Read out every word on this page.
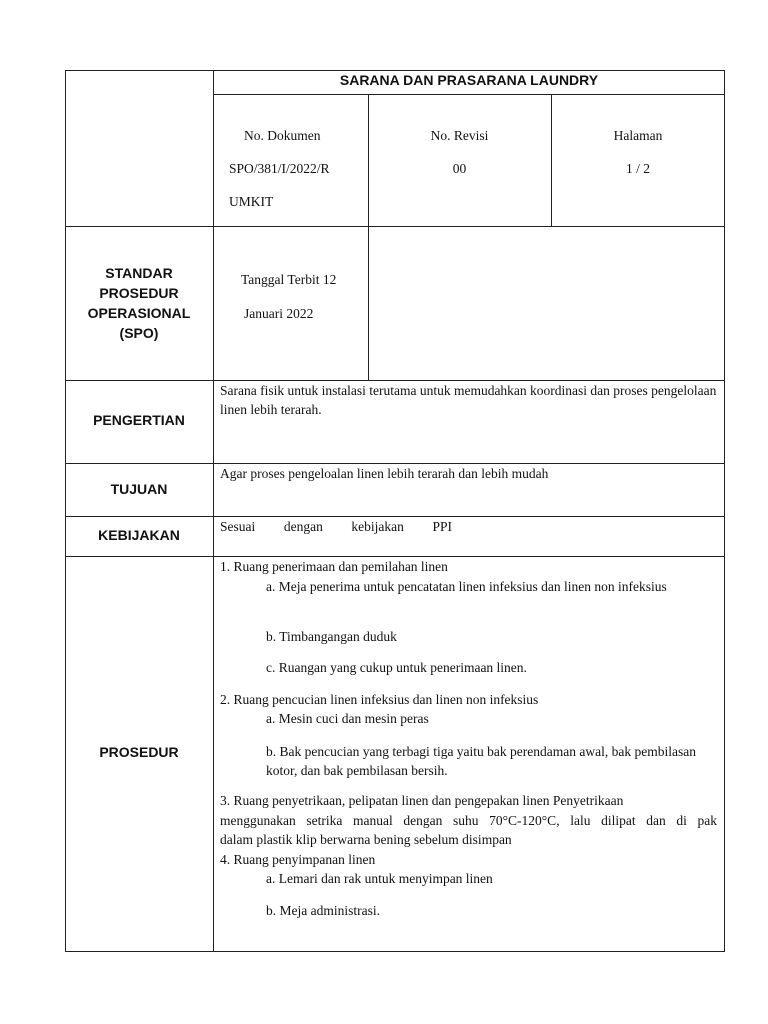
SARANA DAN PRASARANA LAUNDRY
No. Dokumen
SPO/381/I/2022/R
UMKIT
No. Revisi
00
Halaman
1 / 2
STANDAR
PROSEDUR
OPERASIONAL
(SPO)
Tanggal Terbit 12
Januari 2022
PENGERTIAN
Sarana fisik untuk instalasi terutama untuk memudahkan koordinasi dan proses pengelolaan linen lebih terarah.
TUJUAN
Agar proses pengeloalan linen lebih terarah dan lebih mudah
KEBIJAKAN
Sesuai dengan kebijakan PPI
PROSEDUR
1. Ruang penerimaan dan pemilahan linen
a. Meja penerima untuk pencatatan linen infeksius dan linen non infeksius
b. Timbangangan duduk
c. Ruangan yang cukup untuk penerimaan linen.
2. Ruang pencucian linen infeksius dan linen non infeksius
a. Mesin cuci dan mesin peras
b. Bak pencucian yang terbagi tiga yaitu bak perendaman awal, bak pembilasan kotor, dan bak pembilasan bersih.
3. Ruang penyetrikaan, pelipatan linen dan pengepakan linen Penyetrikaan
menggunakan setrika manual dengan suhu 70°C-120°C, lalu dilipat dan di pak
dalam plastik klip berwarna bening sebelum disimpan
4. Ruang penyimpanan linen
a. Lemari dan rak untuk menyimpan linen
b. Meja administrasi.
